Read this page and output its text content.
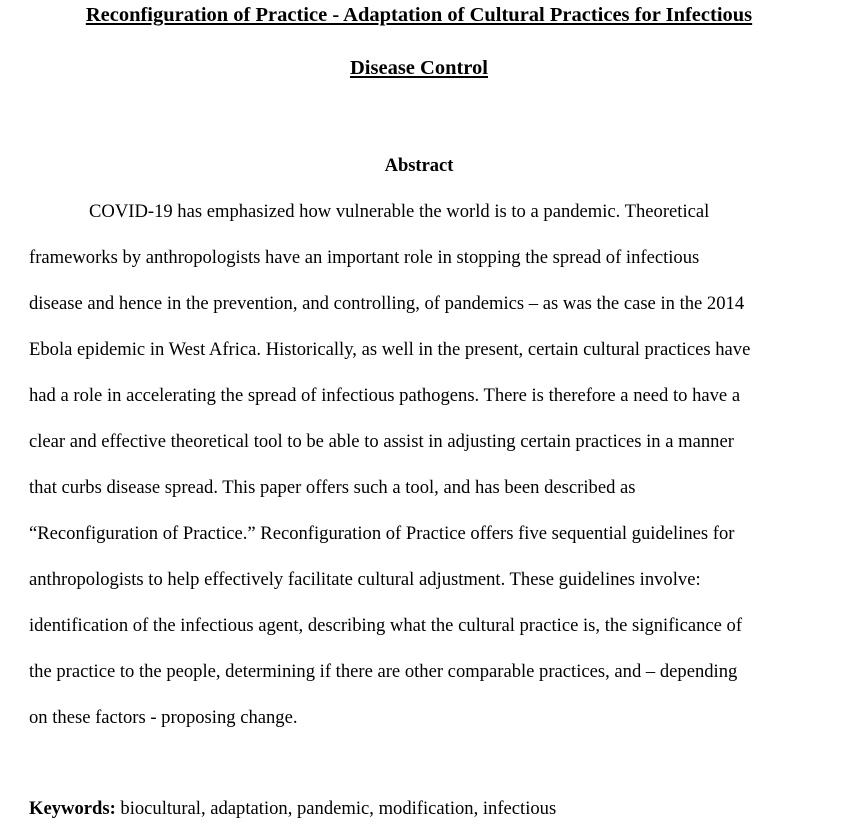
Reconfiguration of Practice - Adaptation of Cultural Practices for Infectious
Disease Control
Abstract

COVID-19 has emphasized how vulnerable the world is to a pandemic. Theoretical

frameworks by anthropologists have an important role in stopping the spread of infectious

disease and hence in the prevention, and controlling, of pandemics – as was the case in the 2014

Ebola epidemic in West Africa. Historically, as well in the present, certain cultural practices have

had a role in accelerating the spread of infectious pathogens. There is therefore a need to have a

clear and effective theoretical tool to be able to assist in adjusting certain practices in a manner

that curbs disease spread. This paper offers such a tool, and has been described as

“Reconfiguration of Practice.” Reconfiguration of Practice offers five sequential guidelines for

anthropologists to help effectively facilitate cultural adjustment. These guidelines involve:

identification of the infectious agent, describing what the cultural practice is, the significance of

the practice to the people, determining if there are other comparable practices, and – depending

on these factors - proposing change.

Keywords: biocultural, adaptation, pandemic, modification, infectious
